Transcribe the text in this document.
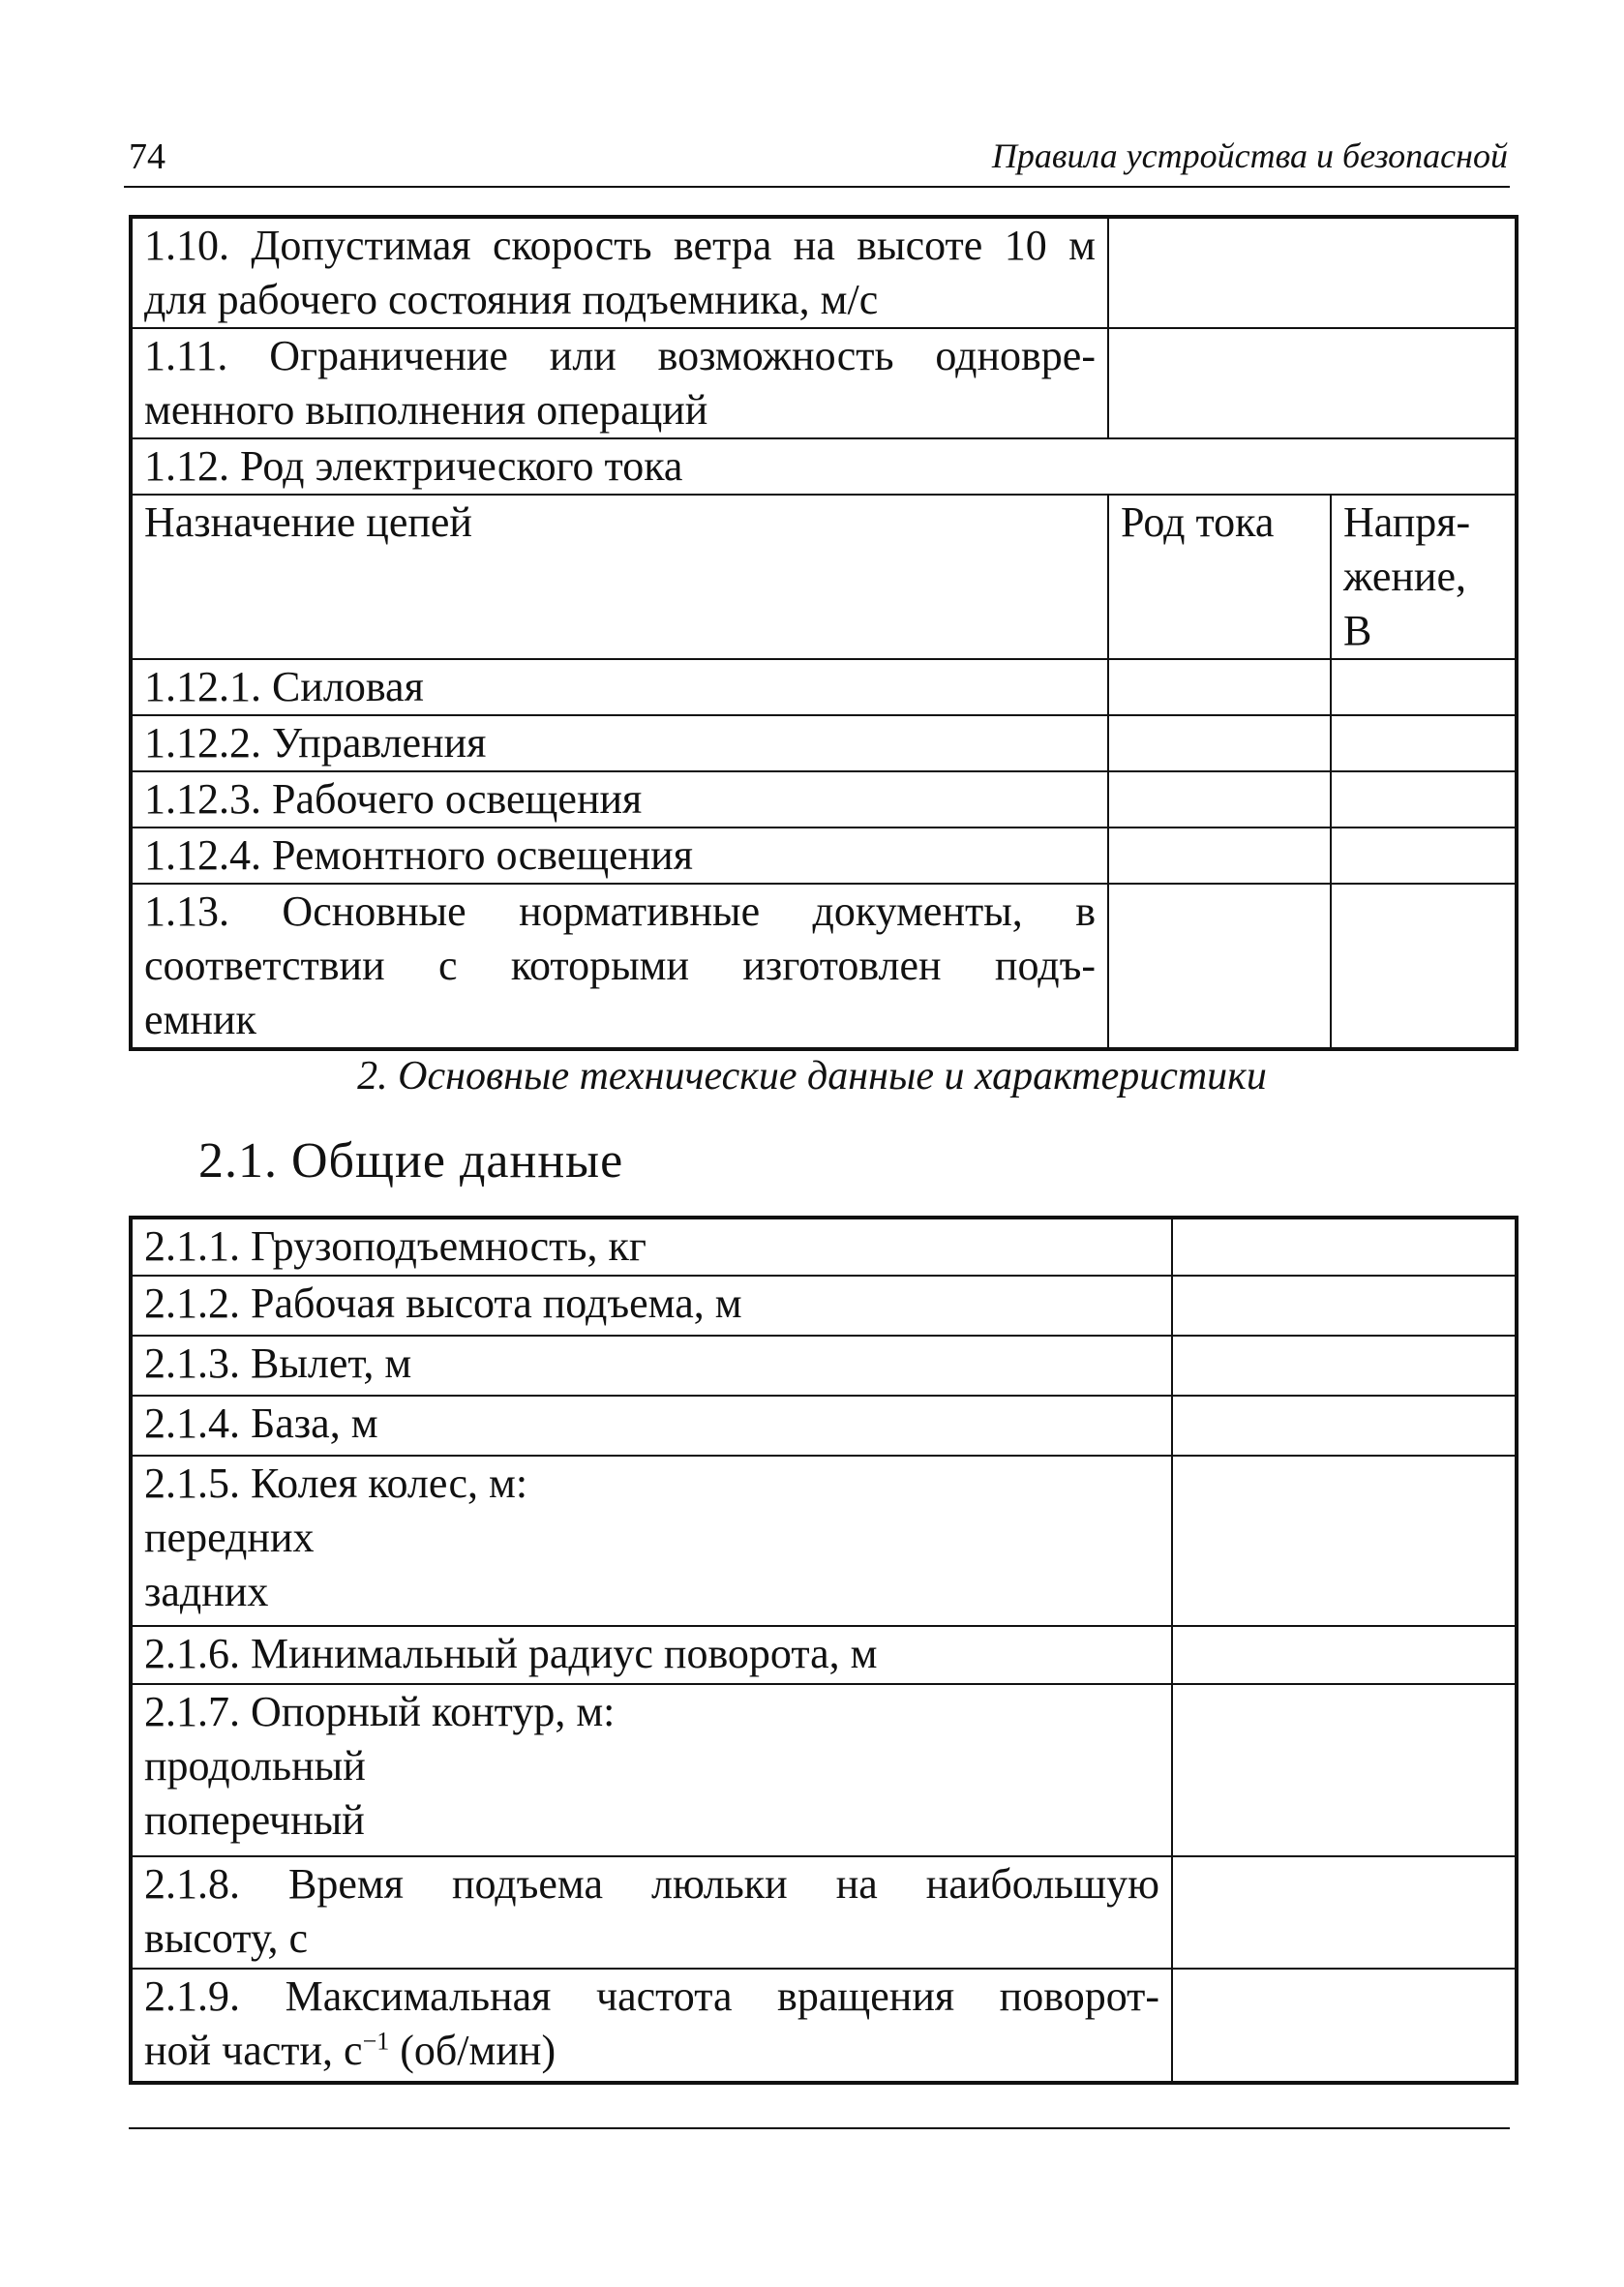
74	Правила устройства и безопасной
1.10. Допустимая скорость ветра на высоте 10 м
для рабочего состояния подъемника, м/с		

1.11. Ограничение или возможность одновре-
менного выполнения операций		
1.12. Род электрического тока		
Назначение цепей	Род тока	Напря-
жение,
В

1.12.1. Силовая		
1.12.2. Управления		
1.12.3. Рабочего освещения		
1.12.4. Ремонтного освещения		

1.13. Основные нормативные документы, в
соответствии с которыми изготовлен подъ-
емник		
2. Основные технические данные и характеристики
2.1. Общие данные
2.1.1. Грузоподъемность, кг	
2.1.2. Рабочая высота подъема, м	
2.1.3. Вылет, м	
2.1.4. База, м	

2.1.5. Колея колес, м:
передних
задних	

2.1.6. Минимальный радиус поворота, м	

2.1.7. Опорный контур, м:
продольный
поперечный	

2.1.8. Время подъема люльки на наибольшую
высоту, с	

2.1.9. Максимальная частота вращения поворот-
ной части, $с^{-1}$ (об/мин)	
